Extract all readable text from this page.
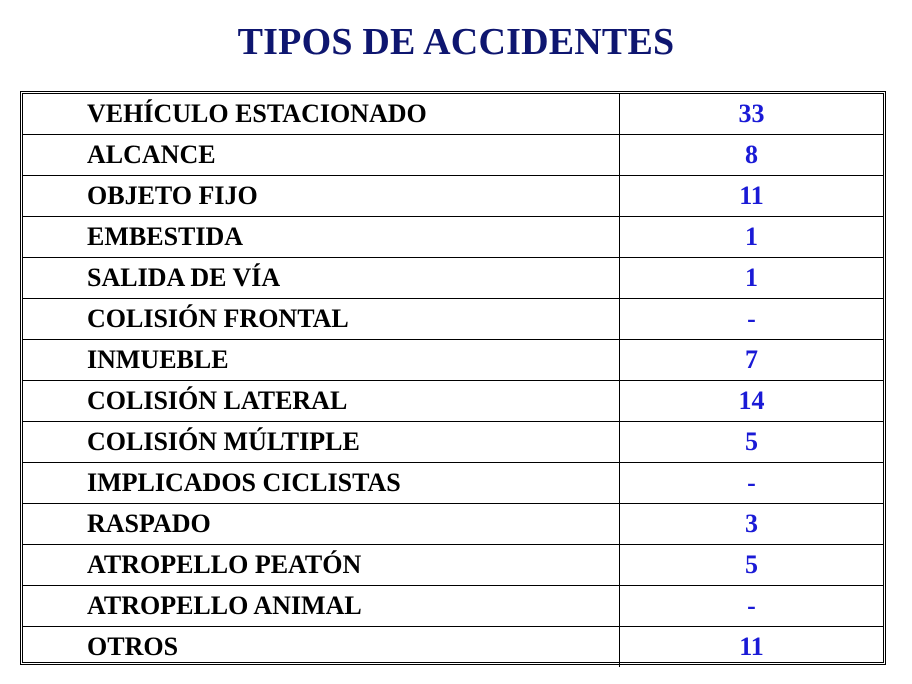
TIPOS DE ACCIDENTES
VEHÍCULO ESTACIONADO	33
ALCANCE	8
OBJETO FIJO	11
EMBESTIDA	1
SALIDA DE VÍA	1
COLISIÓN FRONTAL	-
INMUEBLE	7
COLISIÓN LATERAL	14
COLISIÓN MÚLTIPLE	5
IMPLICADOS CICLISTAS	-
RASPADO	3
ATROPELLO PEATÓN	5
ATROPELLO ANIMAL	-
OTROS	11
